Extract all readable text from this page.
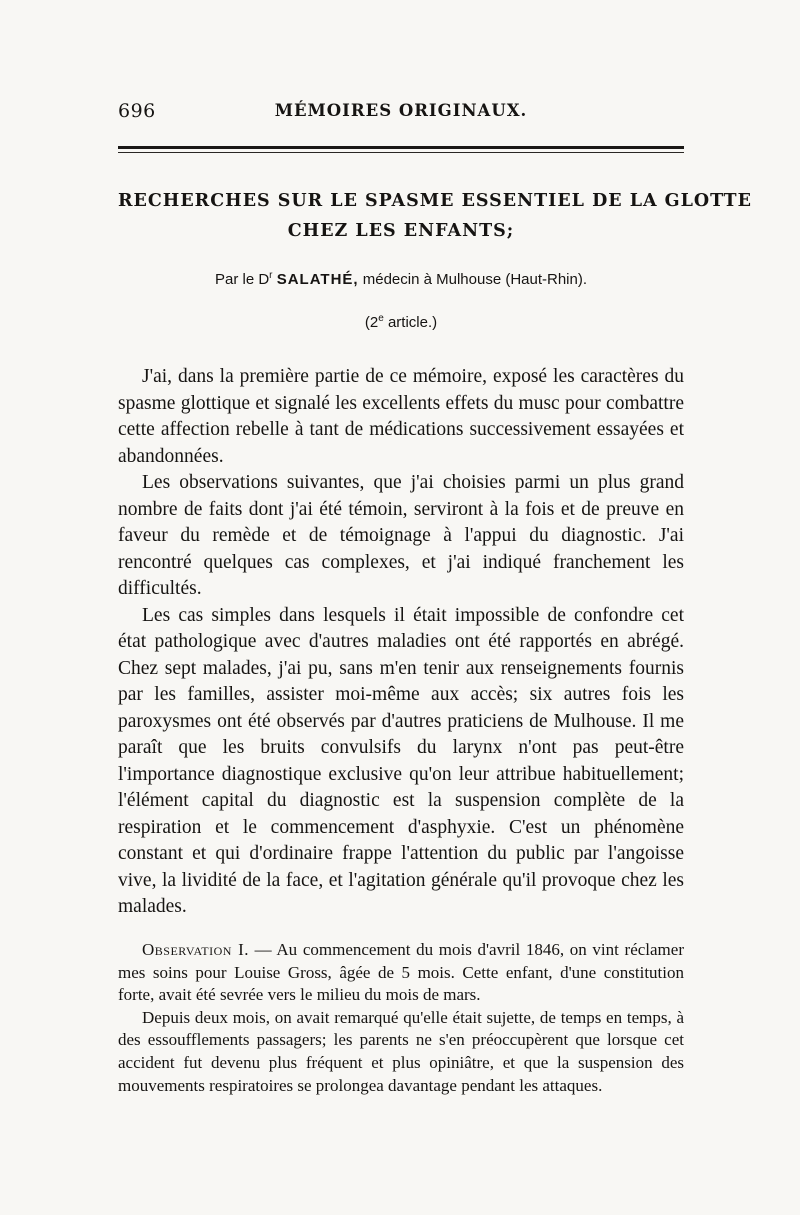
696	MÉMOIRES ORIGINAUX.
RECHERCHES SUR LE SPASME ESSENTIEL DE LA GLOTTE
CHEZ LES ENFANTS;
Par le $D^r$ SALATHÉ, médecin à Mulhouse (Haut-Rhin).
(2e article.)

J'ai, dans la première partie de ce mémoire, exposé les caractères du spasme glottique et signalé les excellents effets du musc pour combattre cette affection rebelle à tant de médications successivement essayées et abandonnées.

Les observations suivantes, que j'ai choisies parmi un plus grand nombre de faits dont j'ai été témoin, serviront à la fois et de preuve en faveur du remède et de témoignage à l'appui du diagnostic. J'ai rencontré quelques cas complexes, et j'ai indiqué franchement les difficultés.

Les cas simples dans lesquels il était impossible de confondre cet état pathologique avec d'autres maladies ont été rapportés en abrégé. Chez sept malades, j'ai pu, sans m'en tenir aux renseignements fournis par les familles, assister moi-même aux accès; six autres fois les paroxysmes ont été observés par d'autres praticiens de Mulhouse. Il me paraît que les bruits convulsifs du larynx n'ont pas peut-être l'importance diagnostique exclusive qu'on leur attribue habituellement; l'élément capital du diagnostic est la suspension complète de la respiration et le commencement d'asphyxie. C'est un phénomène constant et qui d'ordinaire frappe l'attention du public par l'angoisse vive, la lividité de la face, et l'agitation générale qu'il provoque chez les malades.

Observation I. — Au commencement du mois d'avril 1846, on vint réclamer mes soins pour Louise Gross, âgée de 5 mois. Cette enfant, d'une constitution forte, avait été sevrée vers le milieu du mois de mars.

Depuis deux mois, on avait remarqué qu'elle était sujette, de temps en temps, à des essoufflements passagers; les parents ne s'en préoccupèrent que lorsque cet accident fut devenu plus fréquent et plus opiniâtre, et que la suspension des mouvements respiratoires se prolongea davantage pendant les attaques.
